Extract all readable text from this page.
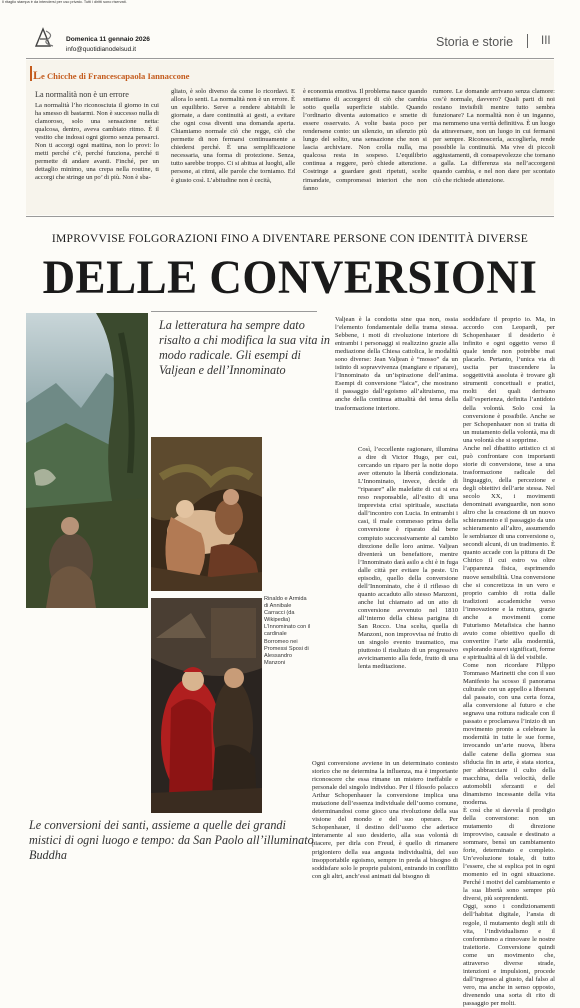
Il ritaglio stampa è da intendersi per uso privato. Tutti i diritti sono riservati.
Domenica 11 gennaio 2026
info@quotidianodelsud.it
Storia e storie III
Le Chicche di Francescapaola Iannaccone
La normalità non è un errore
La normalità l’ho riconosciuta il giorno in cui ha smesso di bastarmi. Non è successo nulla di clamoroso, solo una sensazione netta: qualcosa, dentro, aveva cambiato ritmo. È il vestito che indossi ogni giorno senza pensarci. Non ti accorgi ogni mattina, non lo provi: lo metti perché c’è, perché funziona, perché ti permette di andare avanti. Finché, per un dettaglio minimo, una crepa nella routine, ti accorgi che stringe un po’ di più. Non è sba-
gliato, è solo diverso da come lo ricordavi. E allora lo senti. La normalità non è un errore. È un equilibrio. Serve a rendere abitabili le giornate, a dare continuità ai gesti, a evitare che ogni cosa diventi una domanda aperta. Chiamiamo normale ciò che regge, ciò che permette di non fermarsi continuamente a chiedersi perché. È una semplificazione necessaria, una forma di protezione. Senza, tutto sarebbe troppo. Ci si abitua ai luoghi, alle persone, ai ritmi, alle parole che torniamo. Ed è giusto così. L’abitudine non è cecità,
è economia emotiva. Il problema nasce quando smettiamo di accorgerci di ciò che cambia sotto quella superficie stabile. Quando l’ordinario diventa automatico e smette di essere osservato. A volte basta poco per rendersene conto: un silenzio, un silenzio più lungo del solito, una sensazione che non si lascia archiviare. Non crolla nulla, ma qualcosa resta in sospeso. L’equilibrio continua a reggere, però chiede attenzione. Costringe a guardare gesti ripetuti, scelte rimandate, compromessi interiori che non fanno
rumore. Le domande arrivano senza clamore: cos’è normale, davvero? Quali parti di noi restano invisibili mentre tutto sembra funzionare? La normalità non è un inganno, ma nemmeno una verità definitiva. È un luogo da attraversare, non un luogo in cui fermarsi per sempre. Riconoscerla, accoglierla, rende possibile la continuità. Ma vive di piccoli aggiustamenti, di consapevolezze che tornano a galla. La differenza sta nell’accorgersi quando cambia, e nel non dare per scontato ciò che richiede attenzione.
IMPROVVISE FOLGORAZIONI FINO A DIVENTARE PERSONE CON IDENTITÀ DIVERSE
DELLE CONVERSIONI
La letteratura ha sempre dato risalto a chi modifica la sua vita in modo radicale. Gli esempi di Valjean e dell’Innominato
Rinaldo e Armida di Annibale Carracci (da Wikipedia) L’Innominato con il cardinale Borromeo nei Promessi Sposi di Alessandro Manzoni
Le conversioni dei santi, assieme a quelle dei grandi mistici di ogni luogo e tempo: da San Paolo all’illuminato Buddha
Valjean è la condotta sine qua non, ossia l’elemento fondamentale della trama stessa. Sebbene, i moti di rivoluzione interiore di entrambi i personaggi si realizzino grazie alla mediazione della Chiesa cattolica, le modalità sono diverse: Jean Valjean è “mosso” da un istinto di sopravvivenza (mangiare e riparare), l’Innominato da un’ispirazione dell’anima. Esempi di conversione “laica”, che mostrano il passaggio dall’egoismo all’altruismo, ma anche della continua attualità del tema della trasformazione interiore.
Così, l’eccellente ragionare, illumina a dire di Victor Hugo, per cui, cercando un riparo per la notte dopo aver ottenuto la libertà condizionata. L’Innominato, invece, decide di “riparare” alle malefatte di cui si era reso responsabile, all’esito di una imprevista crisi spirituale, suscitata dall’incontro con Lucia. In entrambi i casi, il male commesso prima della conversione è riparato dal bene compiuto successivamente al cambio direzione delle loro anime. Valjean diventerà un benefattore, mentre l’Innominato darà asilo a chi è in fuga dalle città per evitare la peste. Un episodio, quello della conversione dell’Innominato, che è il riflesso di quanto accaduto allo stesso Manzoni, anche lui chiamato ad un atto di conversione avvenuto nel 1810 all’interno della chiesa parigina di San Rocco. Una scelta, quella di Manzoni, non improvvisa né frutto di un singolo evento traumatico, ma piuttosto il risultato di un progressivo avvicinamento alla fede, frutto di una lenta meditazione.
Ogni conversione avviene in un determinato contesto storico che ne determina la influenza, ma è importante riconoscere che essa rimane un mistero ineffabile e personale del singolo individuo. Per il filosofo polacco Arthur Schopenhauer la conversione implica una mutazione dell’essenza individuale dell’uomo comune, determinandosi come gioco una rivoluzione della sua visione del mondo e del suo operare. Per Schopenhauer, il destino dell’uomo che aderisce interamente al suo desiderio, alla sua volontà di piacere, per dirla con Freud, è quello di rimanere prigioniero della sua angusta individualità, del suo insopportabile egoismo, sempre in preda al bisogno di soddisfare solo le proprie pulsioni, entrando in conflitto con gli altri, anch’essi animati dal bisogno di
soddisfare il proprio io. Ma, in accordo con Leopardi, per Schopenhauer il desiderio è infinito e ogni oggetto verso il quale tende non potrebbe mai placarlo. Pertanto, l’unica via di uscita per trascendere la soggettività assoluta è trovare gli strumenti concettuali e pratici, molti dei quali derivano dall’esperienza, definita l’antidoto della volontà. Solo così la conversione è possibile. Anche se per Schopenhauer non si tratta di un mutamento della volontà, ma di una volontà che si sopprime.
Anche nel dibattito artistico ci si può confrontare con importanti storie di conversione, tese a una trasformazione radicale del linguaggio, della percezione e degli obiettivi dell’arte stessa. Nel secolo XX, i movimenti denominati avanguardie, non sono altro che la creazione di un nuovo schieramento e il passaggio da uno schieramento all’altro, assumendo le sembianze di una conversione o, secondi alcuni, di un tradimento. È quanto accade con la pittura di De Chirico il cui estro va oltre l’apparenza fisica, esprimendo nuove sensibilità. Una conversione che si concretizza in un vero e proprio cambio di rotta dalle tradizioni accademiche verso l’innovazione e la rottura, grazie anche a movimenti come Futurismo Metafisica che hanno avuto come obiettivo quello di convertire l’arte alla modernità, esplorando nuovi significati, forme e spiritualità al di là del visibile.
Come non ricordare Filippo Tommaso Marinetti che con il suo Manifesto ha scosso il panorama culturale con un appello a liberarsi dal passato, con una certa forza, alla conversione al futuro e che segnava una rottura radicale con il passato e proclamava l’inizio di un movimento pronto a celebrare la modernità in tutte le sue forme, invocando un’arte nuova, libera dalle catene della giornea sua sfiducia fin in arte, è stata storica, per abbracciare il culto della macchina, della velocità, delle automobili sferzanti e del dinamismo incessante della vita moderna.
È così che si davvela il prodigio della conversione: non un mutamento di direzione improvviso, causale e destinato a sommare, bensì un cambiamento forte, determinato e completo. Un’evoluzione totale, di tutto l’essere, che si esplica poi in ogni momento ed in ogni situazione. Perché i motivi del cambiamento e la sua libertà sono sempre più diversi, più sorprendenti.
Oggi, sono i condizionamenti dell’habitat digitale, l’ansia di regole, il mutamento degli stili di vita, l’individualismo e il conformismo a rinnovare le nostre traiettorie. Conversione quindi come un movimento che, attraverso diverse strade, intenzioni e impulsioni, procede dall’ingresso al giusto, dal falso al vero, ma anche in senso opposto, divenendo una sorta di rito di passaggio per molti.
